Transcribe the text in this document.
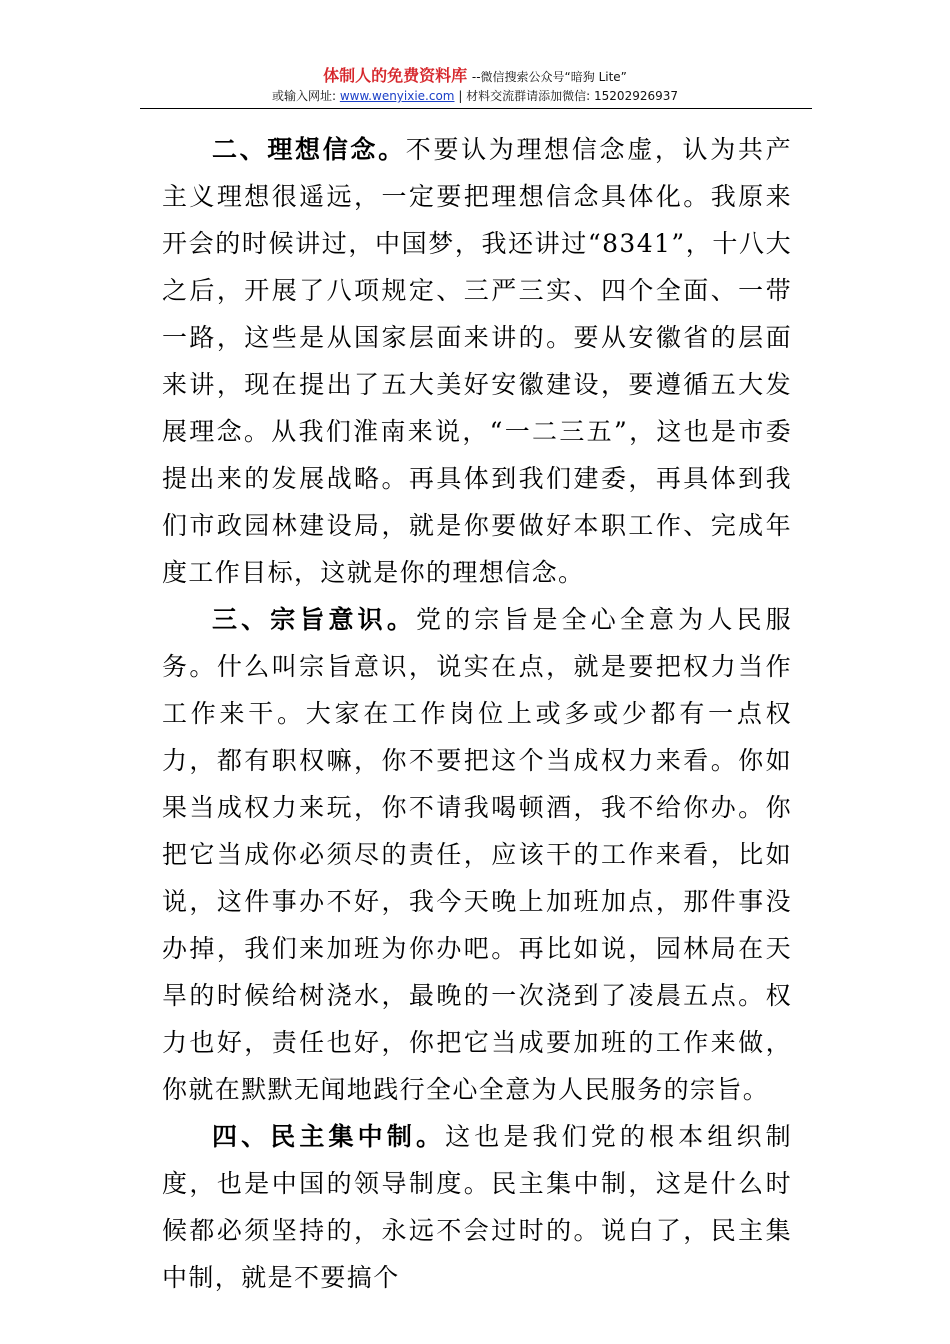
体制人的免费资料库 --微信搜索公众号“暗狗 Lite”
或输入网址: www.wenyixie.com | 材料交流群请添加微信: 15202926937

二、理想信念。不要认为理想信念虚，认为共产主义理想很遥远，一定要把理想信念具体化。我原来开会的时候讲过，中国梦，我还讲过“8341”，十八大之后，开展了八项规定、三严三实、四个全面、一带一路，这些是从国家层面来讲的。要从安徽省的层面来讲，现在提出了五大美好安徽建设，要遵循五大发展理念。从我们淮南来说，“一二三五”，这也是市委提出来的发展战略。再具体到我们建委，再具体到我们市政园林建设局，就是你要做好本职工作、完成年度工作目标，这就是你的理想信念。

三、宗旨意识。党的宗旨是全心全意为人民服务。什么叫宗旨意识，说实在点，就是要把权力当作工作来干。大家在工作岗位上或多或少都有一点权力，都有职权嘛，你不要把这个当成权力来看。你如果当成权力来玩，你不请我喝顿酒，我不给你办。你把它当成你必须尽的责任，应该干的工作来看，比如说，这件事办不好，我今天晚上加班加点，那件事没办掉，我们来加班为你办吧。再比如说，园林局在天旱的时候给树浇水，最晚的一次浇到了凌晨五点。权力也好，责任也好，你把它当成要加班的工作来做，你就在默默无闻地践行全心全意为人民服务的宗旨。

四、民主集中制。这也是我们党的根本组织制度，也是中国的领导制度。民主集中制，这是什么时候都必须坚持的，永远不会过时的。说白了，民主集中制，就是不要搞个
